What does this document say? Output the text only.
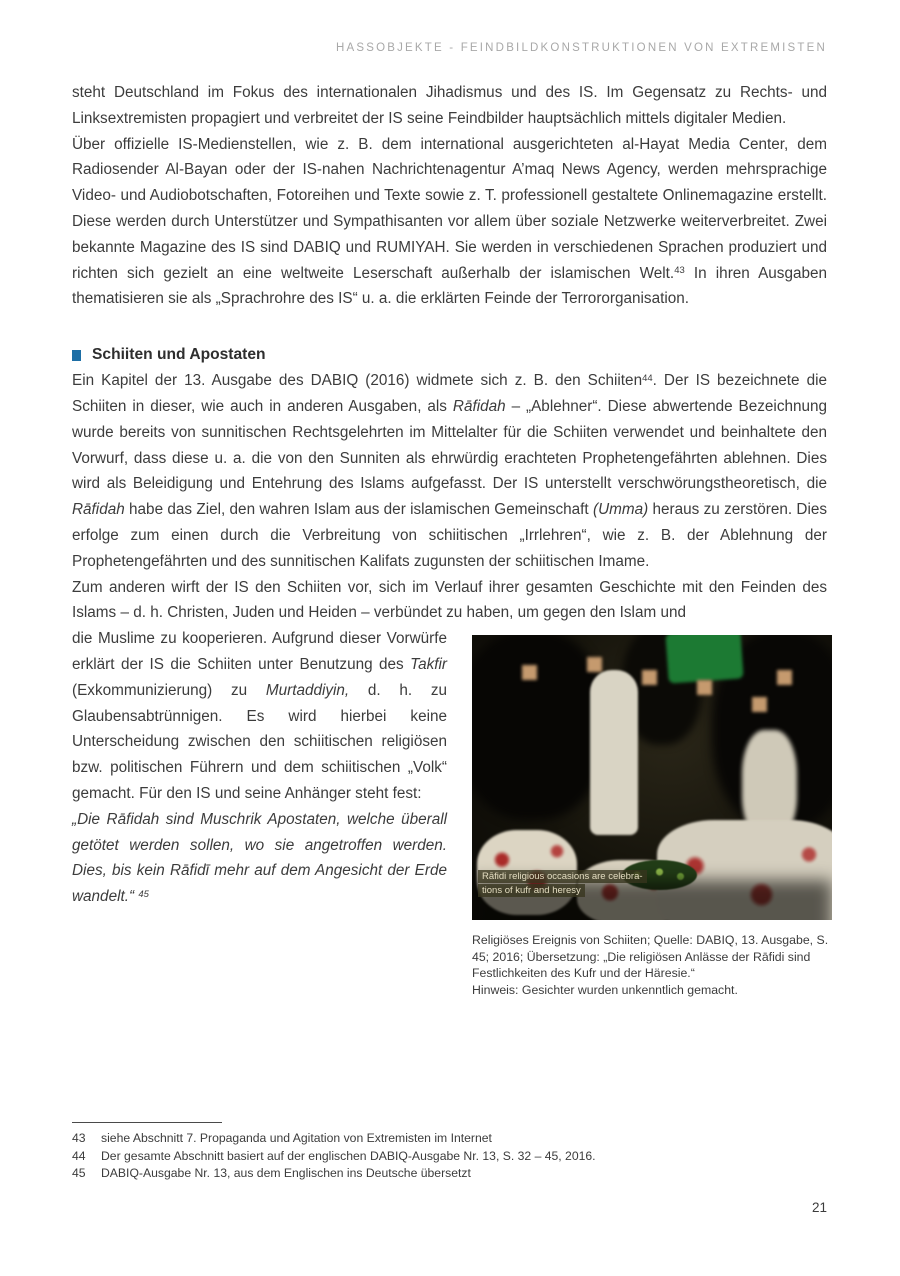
HASSOBJEKTE - FEINDBILDKONSTRUKTIONEN VON EXTREMISTEN

steht Deutschland im Fokus des internationalen Jihadismus und des IS. Im Gegensatz zu Rechts- und Linksextremisten propagiert und verbreitet der IS seine Feindbilder hauptsächlich mittels digitaler Medien.

Über offizielle IS-Medienstellen, wie z. B. dem international ausgerichteten al-Hayat Media Center, dem Radiosender Al-Bayan oder der IS-nahen Nachrichtenagentur A’maq News Agency, werden mehrsprachige Video- und Audiobotschaften, Fotoreihen und Texte sowie z. T. professionell gestaltete Onlinemagazine erstellt. Diese werden durch Unterstützer und Sympathisanten vor allem über soziale Netzwerke weiterverbreitet. Zwei bekannte Magazine des IS sind DABIQ und RUMIYAH. Sie werden in verschiedenen Sprachen produziert und richten sich gezielt an eine weltweite Leserschaft außerhalb der islamischen Welt.$^{43}$ In ihren Ausgaben thematisieren sie als „Sprachrohre des IS“ u. a. die erklärten Feinde der Terrororganisation.

Schiiten und Apostaten

Ein Kapitel der 13. Ausgabe des DABIQ (2016) widmete sich z. B. den Schiiten$^{44}$. Der IS bezeichnete die Schiiten in dieser, wie auch in anderen Ausgaben, als Rāfidah – „Ablehner“. Diese abwertende Bezeichnung wurde bereits von sunnitischen Rechtsgelehrten im Mittelalter für die Schiiten verwendet und beinhaltete den Vorwurf, dass diese u. a. die von den Sunniten als ehrwürdig erachteten Prophetengefährten ablehnen. Dies wird als Beleidigung und Entehrung des Islams aufgefasst. Der IS unterstellt verschwörungstheoretisch, die Rāfidah habe das Ziel, den wahren Islam aus der islamischen Gemeinschaft (Umma) heraus zu zerstören. Dies erfolge zum einen durch die Verbreitung von schiitischen „Irrlehren“, wie z. B. der Ablehnung der Prophetengefährten und des sunnitischen Kalifats zugunsten der schiitischen Imame.

Zum anderen wirft der IS den Schiiten vor, sich im Verlauf ihrer gesamten Geschichte mit den Feinden des Islams – d. h. Christen, Juden und Heiden – verbündet zu haben, um gegen den Islam und

die Muslime zu kooperieren. Aufgrund dieser Vorwürfe erklärt der IS die Schiiten unter Benutzung des Takfir (Exkommunizierung) zu Murtaddiyin, d. h. zu Glaubensabtrünnigen. Es wird hierbei keine Unterscheidung zwischen den schiitischen religiösen bzw. politischen Führern und dem schiitischen „Volk“ gemacht. Für den IS und seine Anhänger steht fest:

„Die Rāfidah sind Muschrik Apostaten, welche überall getötet werden sollen, wo sie angetroffen werden. Dies, bis kein Rāfidī mehr auf dem Angesicht der Erde wandelt.“ $^{45}$

Rāfidi religious occasions are celebra-
tions of kufr and heresy
Religiöses Ereignis von Schiiten; Quelle: DABIQ, 13. Ausgabe, S. 45; 2016; Übersetzung: „Die religiösen Anlässe der Rāfidi sind Festlichkeiten des Kufr und der Häresie.“
Hinweis: Gesichter wurden unkenntlich gemacht.
43	siehe Abschnitt 7. Propaganda und Agitation von Extremisten im Internet
44	Der gesamte Abschnitt basiert auf der englischen DABIQ-Ausgabe Nr. 13, S. 32 – 45, 2016.
45	DABIQ-Ausgabe Nr. 13, aus dem Englischen ins Deutsche übersetzt
21
